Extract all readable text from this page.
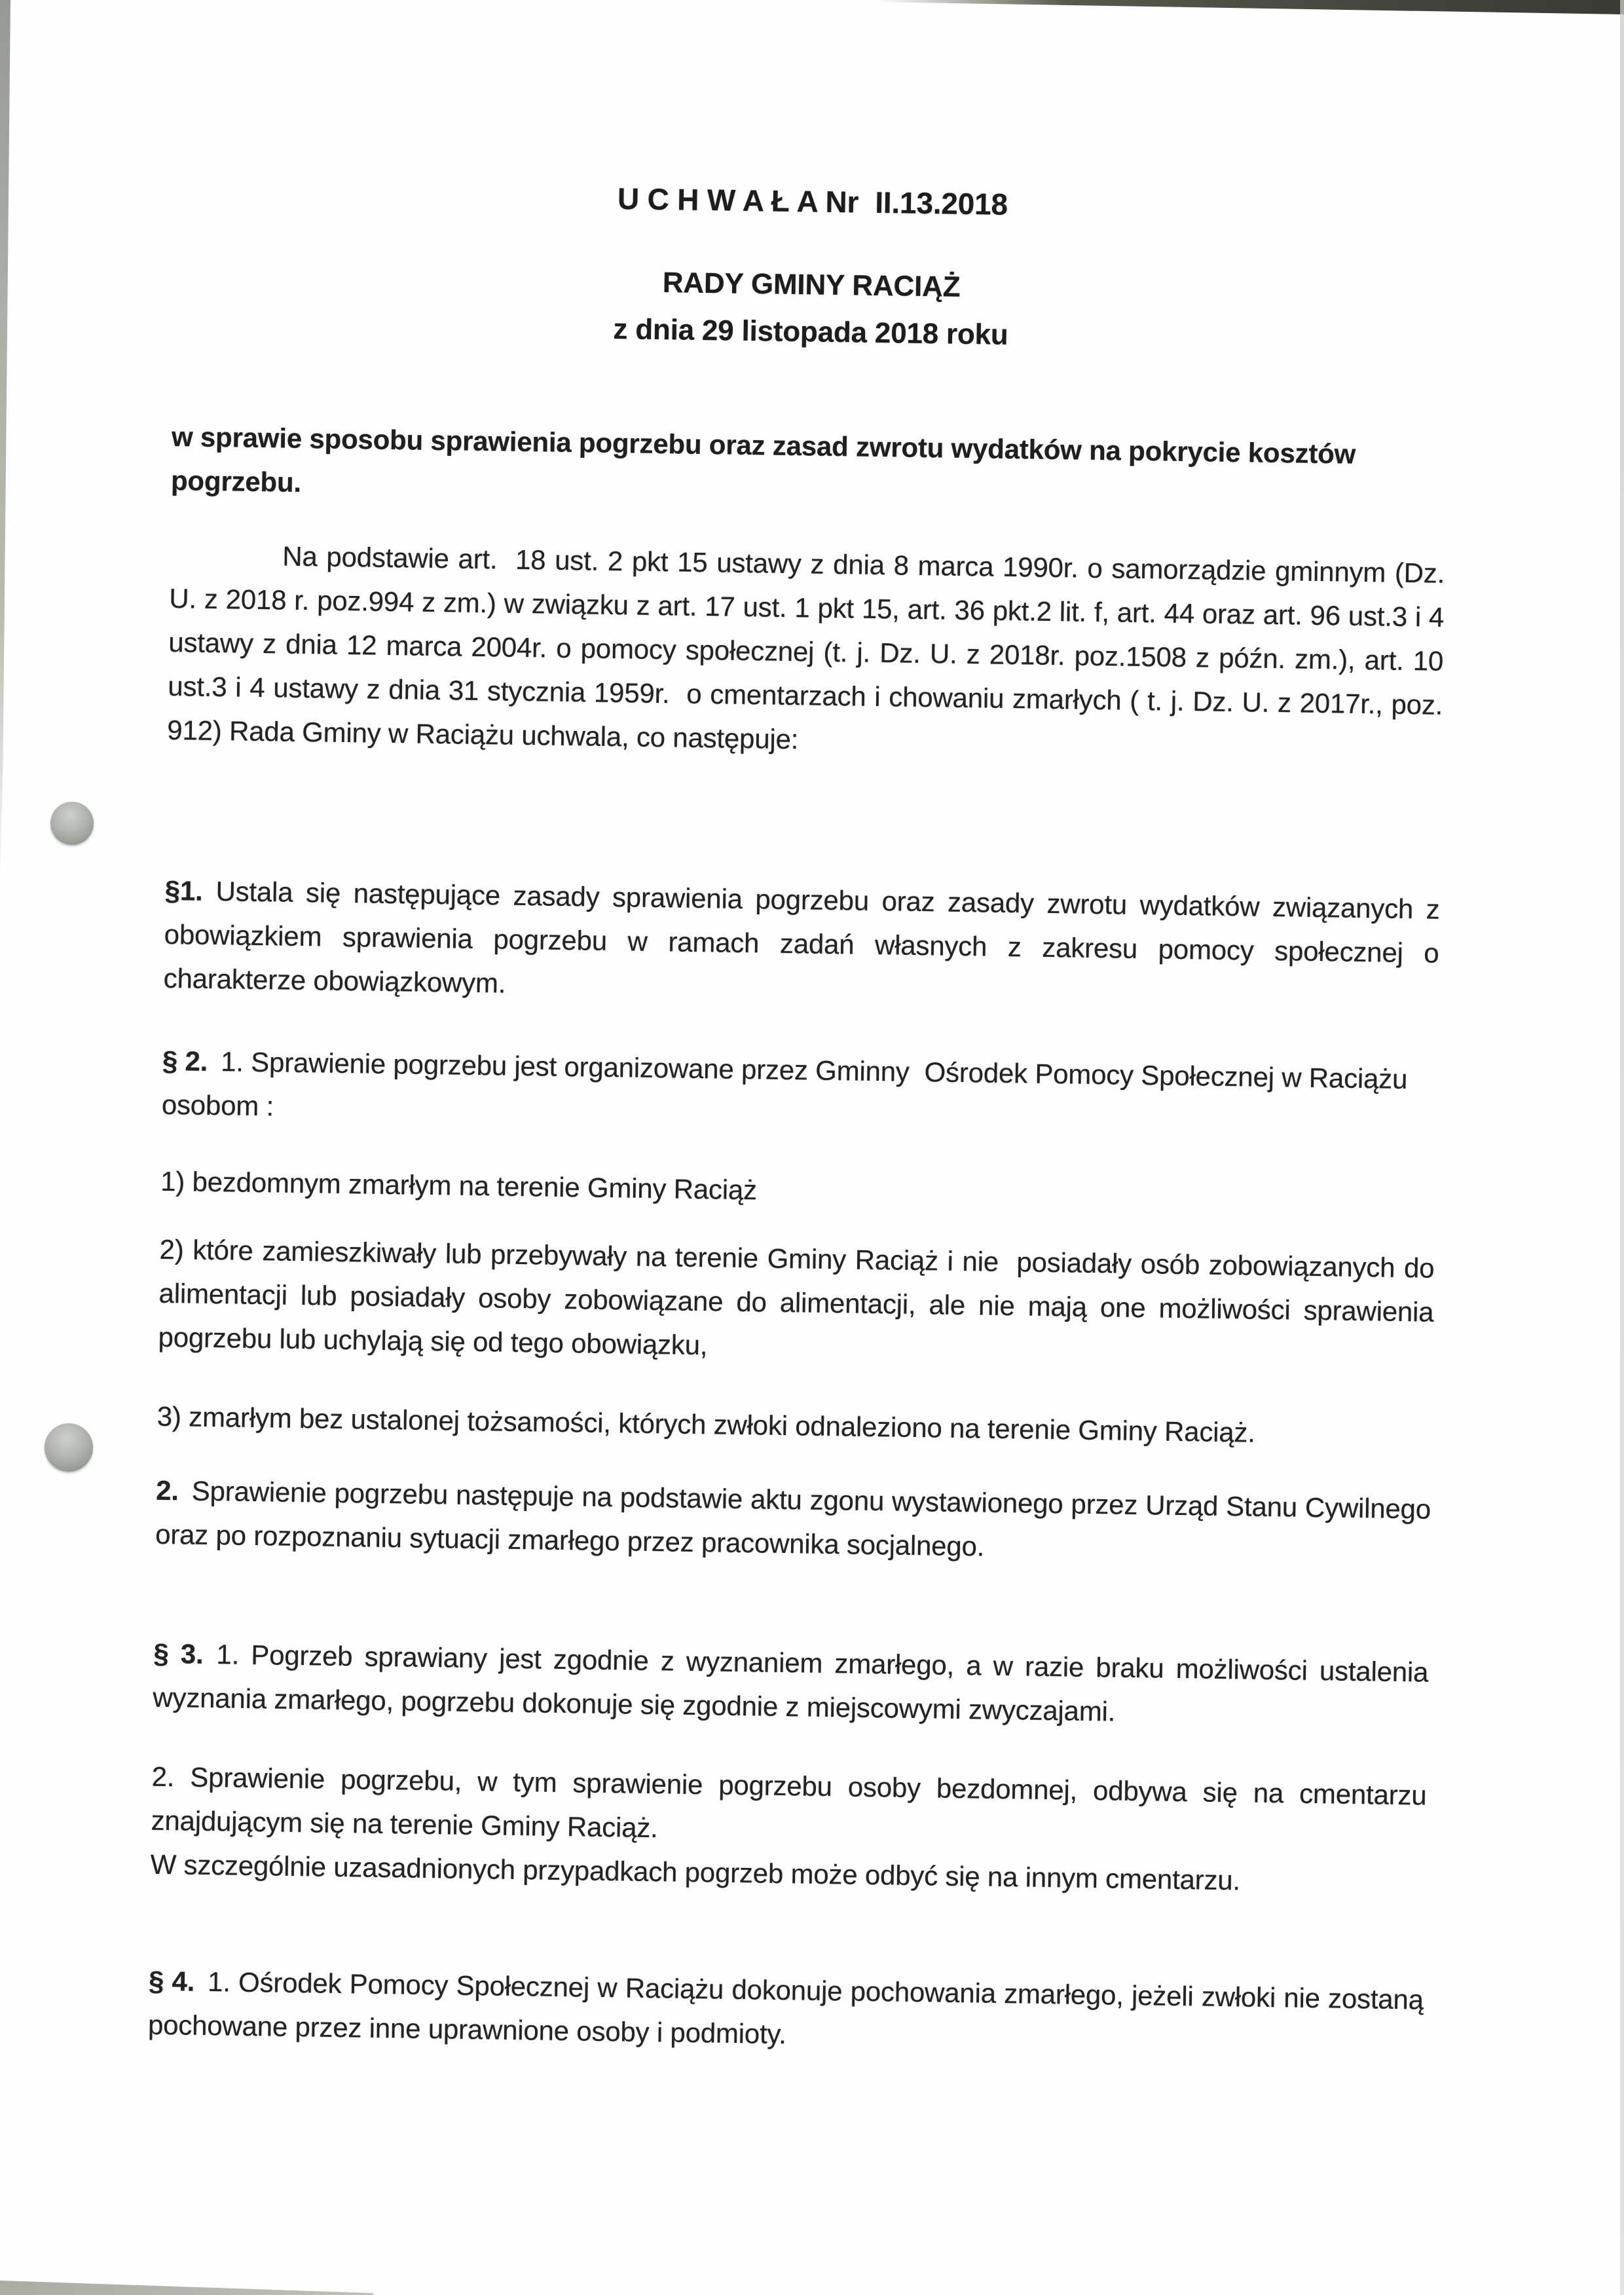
U C H W A Ł A Nr  II.13.2018
RADY GMINY RACIĄŻ
z dnia 29 listopada 2018 roku

w sprawie sposobu sprawienia pogrzebu oraz zasad zwrotu wydatków na pokrycie kosztów pogrzebu.

Na podstawie art.  18 ust. 2 pkt 15 ustawy z dnia 8 marca 1990r. o samorządzie gminnym (Dz. U. z 2018 r. poz.994 z zm.) w związku z art. 17 ust. 1 pkt 15, art. 36 pkt.2 lit. f, art. 44 oraz art. 96 ust.3 i 4 ustawy z dnia 12 marca 2004r. o pomocy społecznej (t. j. Dz. U. z 2018r. poz.1508 z późn. zm.), art. 10 ust.3 i 4 ustawy z dnia 31 stycznia 1959r.  o cmentarzach i chowaniu zmarłych ( t. j. Dz. U. z 2017r., poz. 912) Rada Gminy w Raciążu uchwala, co następuje:

§1. Ustala się następujące zasady sprawienia pogrzebu oraz zasady zwrotu wydatków związanych z obowiązkiem sprawienia pogrzebu w ramach zadań własnych z zakresu pomocy społecznej o charakterze obowiązkowym.

§ 2. 1. Sprawienie pogrzebu jest organizowane przez Gminny  Ośrodek Pomocy Społecznej w Raciążu osobom :

1) bezdomnym zmarłym na terenie Gminy Raciąż

2) które zamieszkiwały lub przebywały na terenie Gminy Raciąż i nie  posiadały osób zobowiązanych do alimentacji lub posiadały osoby zobowiązane do alimentacji, ale nie mają one możliwości sprawienia pogrzebu lub uchylają się od tego obowiązku,

3) zmarłym bez ustalonej tożsamości, których zwłoki odnaleziono na terenie Gminy Raciąż.

2. Sprawienie pogrzebu następuje na podstawie aktu zgonu wystawionego przez Urząd Stanu Cywilnego oraz po rozpoznaniu sytuacji zmarłego przez pracownika socjalnego.

§ 3. 1. Pogrzeb sprawiany jest zgodnie z wyznaniem zmarłego, a w razie braku możliwości ustalenia wyznania zmarłego, pogrzebu dokonuje się zgodnie z miejscowymi zwyczajami.

2. Sprawienie pogrzebu, w tym sprawienie pogrzebu osoby bezdomnej, odbywa się na cmentarzu znajdującym się na terenie Gminy Raciąż.

W szczególnie uzasadnionych przypadkach pogrzeb może odbyć się na innym cmentarzu.

§ 4. 1. Ośrodek Pomocy Społecznej w Raciążu dokonuje pochowania zmarłego, jeżeli zwłoki nie zostaną pochowane przez inne uprawnione osoby i podmioty.
